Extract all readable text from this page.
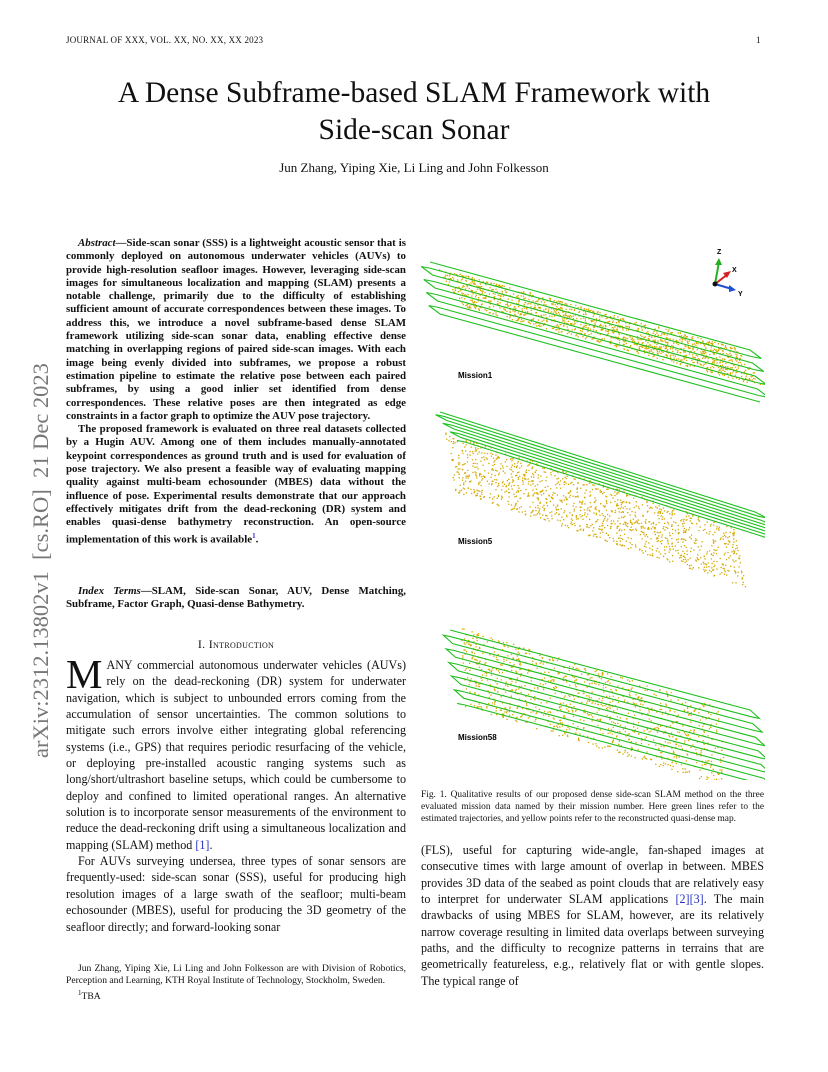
JOURNAL OF XXX, VOL. XX, NO. XX, XX 2023	1
A Dense Subframe-based SLAM Framework with
Side-scan Sonar
Jun Zhang, Yiping Xie, Li Ling and John Folkesson
arXiv:2312.13802v1  [cs.RO]  21 Dec 2023
Abstract—Side-scan sonar (SSS) is a lightweight acoustic sensor that is commonly deployed on autonomous underwater vehicles (AUVs) to provide high-resolution seafloor images. However, leveraging side-scan images for simultaneous localization and mapping (SLAM) presents a notable challenge, primarily due to the difficulty of establishing sufficient amount of accurate correspondences between these images. To address this, we introduce a novel subframe-based dense SLAM framework utilizing side-scan sonar data, enabling effective dense matching in overlapping regions of paired side-scan images. With each image being evenly divided into subframes, we propose a robust estimation pipeline to estimate the relative pose between each paired subframes, by using a good inlier set identified from dense correspondences. These relative poses are then integrated as edge constraints in a factor graph to optimize the AUV pose trajectory.
The proposed framework is evaluated on three real datasets collected by a Hugin AUV. Among one of them includes manually-annotated keypoint correspondences as ground truth and is used for evaluation of pose trajectory. We also present a feasible way of evaluating mapping quality against multi-beam echosounder (MBES) data without the influence of pose. Experimental results demonstrate that our approach effectively mitigates drift from the dead-reckoning (DR) system and enables quasi-dense bathymetry reconstruction. An open-source implementation of this work is available$^1$.
Index Terms—SLAM, Side-scan Sonar, AUV, Dense Matching, Subframe, Factor Graph, Quasi-dense Bathymetry.
I. Introduction
MANY commercial autonomous underwater vehicles (AUVs) rely on the dead-reckoning (DR) system for underwater navigation, which is subject to unbounded errors coming from the accumulation of sensor uncertainties. The common solutions to mitigate such errors involve either integrating global referencing systems (i.e., GPS) that requires periodic resurfacing of the vehicle, or deploying pre-installed acoustic ranging systems such as long/short/ultrashort baseline setups, which could be cumbersome to deploy and confined to limited operational ranges. An alternative solution is to incorporate sensor measurements of the environment to reduce the dead-reckoning drift using a simultaneous localization and mapping (SLAM) method [1].
For AUVs surveying undersea, three types of sonar sensors are frequently-used: side-scan sonar (SSS), useful for producing high resolution images of a large swath of the seafloor; multi-beam echosounder (MBES), useful for producing the 3D geometry of the seafloor directly; and forward-looking sonar

Jun Zhang, Yiping Xie, Li Ling and John Folkesson are with Division of Robotics, Perception and Learning, KTH Royal Institute of Technology, Stockholm, Sweden.

$^1$TBA

Z
X
Y
Mission1
Mission5
Mission58
Fig. 1. Qualitative results of our proposed dense side-scan SLAM method on the three evaluated mission data named by their mission number. Here green lines refer to the estimated trajectories, and yellow points refer to the reconstructed quasi-dense map.
(FLS), useful for capturing wide-angle, fan-shaped images at consecutive times with large amount of overlap in between. MBES provides 3D data of the seabed as point clouds that are relatively easy to interpret for underwater SLAM applications [2][3]. The main drawbacks of using MBES for SLAM, however, are its relatively narrow coverage resulting in limited data overlaps between surveying paths, and the difficulty to recognize patterns in terrains that are geometrically featureless, e.g., relatively flat or with gentle slopes. The typical range of
